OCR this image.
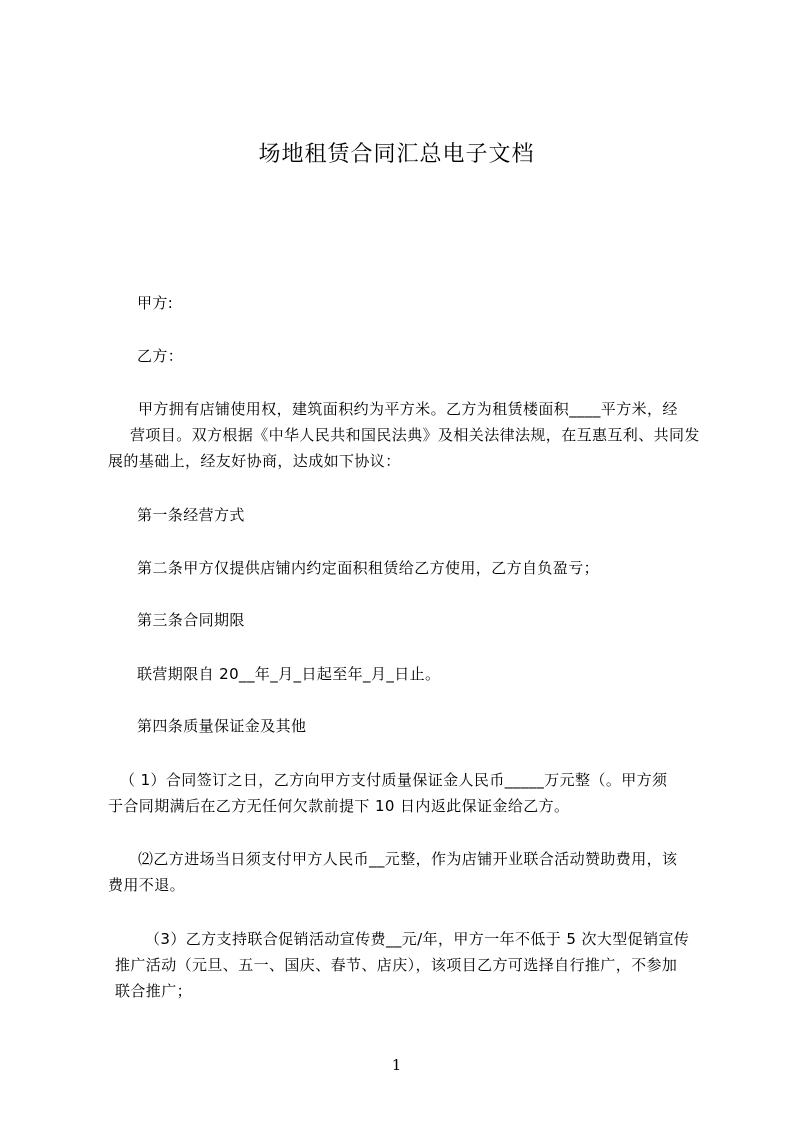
场地租赁合同汇总电子文档
甲方:
乙方：
甲方拥有店铺使用权，建筑面积约为平方米。乙方为租赁楼面积____平方米，经
营项目。双方根据《中华人民共和国民法典》及相关法律法规，在互惠互利、共同发
展的基础上，经友好协商，达成如下协议：
第一条经营方式
第二条甲方仅提供店铺内约定面积租赁给乙方使用，乙方自负盈亏；
第三条合同期限
联营期限自 20__年_月_日起至年_月_日止。
第四条质量保证金及其他
（ 1）合同签订之日，乙方向甲方支付质量保证金人民币_____万元整（。甲方须
于合同期满后在乙方无任何欠款前提下 10 日内返此保证金给乙方。
⑵乙方进场当日须支付甲方人民币__元整，作为店铺开业联合活动赞助费用，该
费用不退。
（3）乙方支持联合促销活动宣传费__元/年，甲方一年不低于 5 次大型促销宣传
推广活动（元旦、五一、国庆、春节、店庆），该项目乙方可选择自行推广，不参加
联合推广；
1
